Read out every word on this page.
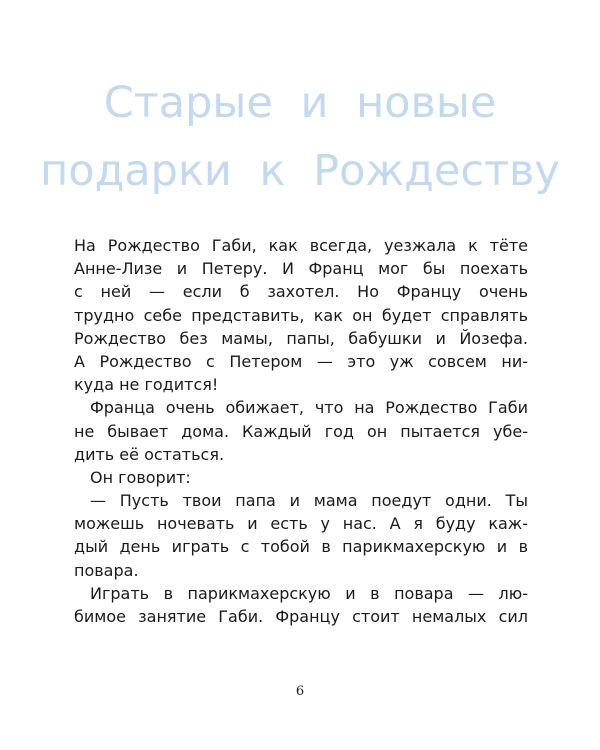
Старые и новые
подарки к Рождеству
На Рождество Габи, как всегда, уезжала к тёте
Анне-Лизе и Петеру. И Франц мог бы поехать
с ней — если б захотел. Но Францу очень
трудно себе представить, как он будет справлять
Рождество без мамы, папы, бабушки и Йозефа.
А Рождество с Петером — это уж совсем ни-
куда не годится!
Франца очень обижает, что на Рождество Габи
не бывает дома. Каждый год он пытается убе-
дить её остаться.
Он говорит:
— Пусть твои папа и мама поедут одни. Ты
можешь ночевать и есть у нас. А я буду каж-
дый день играть с тобой в парикмахерскую и в
повара.
Играть в парикмахерскую и в повара — лю-
бимое занятие Габи. Францу стоит немалых сил
6
